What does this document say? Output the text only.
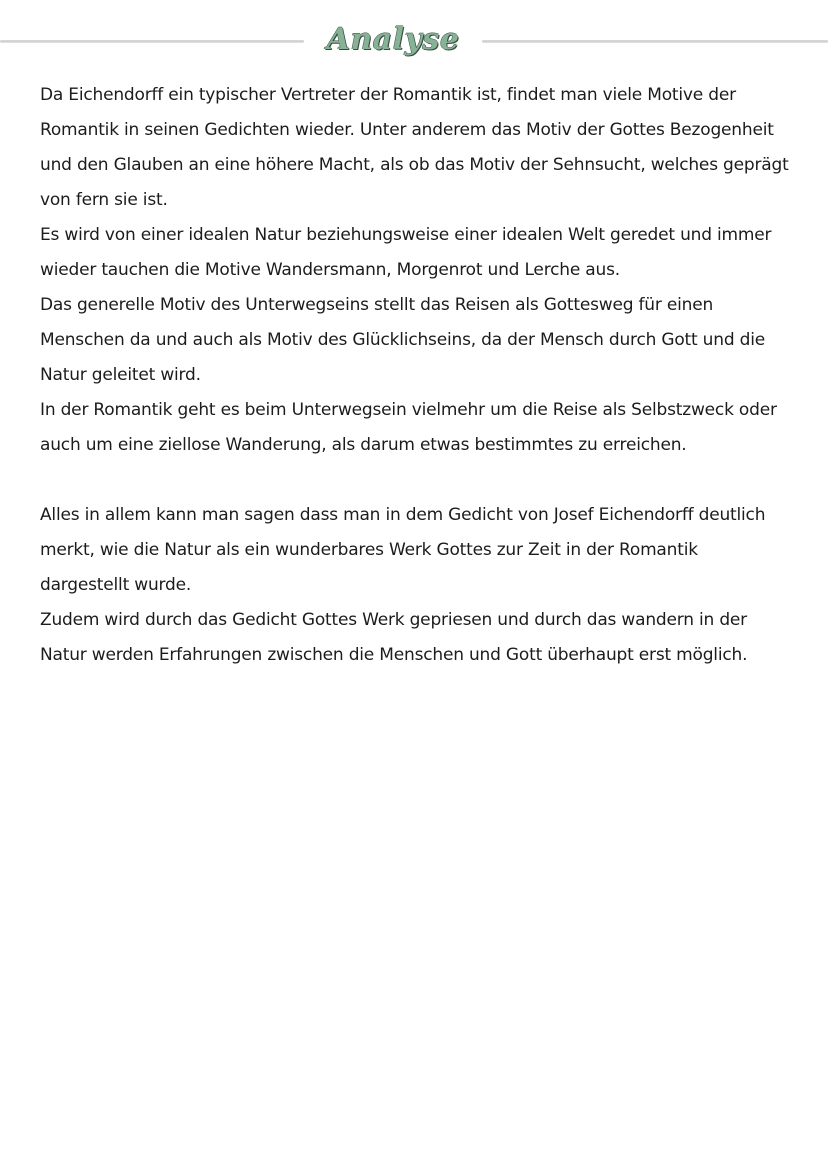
Analyse
Da Eichendorff ein typischer Vertreter der Romantik ist, findet man viele Motive der
Romantik in seinen Gedichten wieder. Unter anderem das Motiv der Gottes Bezogenheit
und den Glauben an eine höhere Macht, als ob das Motiv der Sehnsucht, welches geprägt
von fern sie ist.
Es wird von einer idealen Natur beziehungsweise einer idealen Welt geredet und immer
wieder tauchen die Motive Wandersmann, Morgenrot und Lerche aus.
Das generelle Motiv des Unterwegseins stellt das Reisen als Gottesweg für einen
Menschen da und auch als Motiv des Glücklichseins, da der Mensch durch Gott und die
Natur geleitet wird.
In der Romantik geht es beim Unterwegsein vielmehr um die Reise als Selbstzweck oder
auch um eine ziellose Wanderung, als darum etwas bestimmtes zu erreichen.
Alles in allem kann man sagen dass man in dem Gedicht von Josef Eichendorff deutlich
merkt, wie die Natur als ein wunderbares Werk Gottes zur Zeit in der Romantik
dargestellt wurde.
Zudem wird durch das Gedicht Gottes Werk gepriesen und durch das wandern in der
Natur werden Erfahrungen zwischen die Menschen und Gott überhaupt erst möglich.
